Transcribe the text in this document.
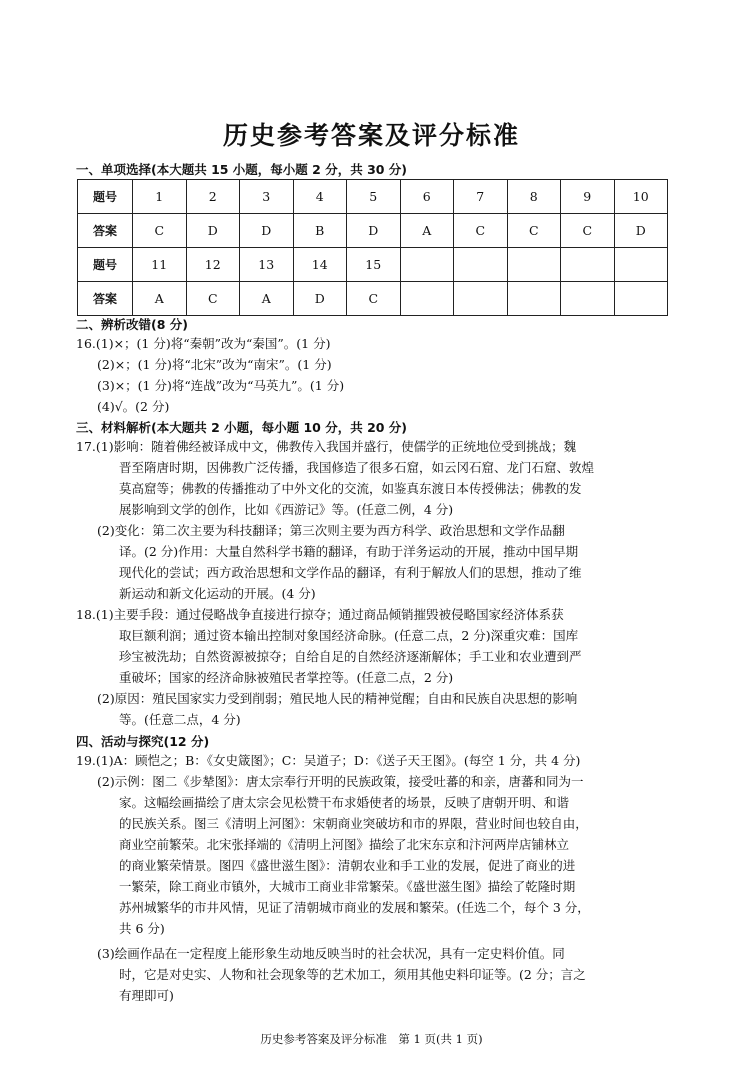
历史参考答案及评分标准
一、单项选择(本大题共 15 小题，每小题 2 分，共 30 分)
题号	1	2	3	4	5	6	7	8	9	10
答案	C	D	D	B	D	A	C	C	C	D
题号	11	12	13	14	15					
答案	A	C	A	D	C					
二、辨析改错(8 分)
16.(1)×；(1 分)将“秦朝”改为“秦国”。(1 分)
(2)×；(1 分)将“北宋”改为“南宋”。(1 分)
(3)×；(1 分)将“连战”改为“马英九”。(1 分)
(4)√。(2 分)
三、材料解析(本大题共 2 小题，每小题 10 分，共 20 分)
17.(1)影响：随着佛经被译成中文，佛教传入我国并盛行，使儒学的正统地位受到挑战；魏
晋至隋唐时期，因佛教广泛传播，我国修造了很多石窟，如云冈石窟、龙门石窟、敦煌
莫高窟等；佛教的传播推动了中外文化的交流，如鉴真东渡日本传授佛法；佛教的发
展影响到文学的创作，比如《西游记》等。(任意二例，4 分)
(2)变化：第二次主要为科技翻译；第三次则主要为西方科学、政治思想和文学作品翻
译。(2 分)作用：大量自然科学书籍的翻译，有助于洋务运动的开展，推动中国早期
现代化的尝试；西方政治思想和文学作品的翻译，有利于解放人们的思想，推动了维
新运动和新文化运动的开展。(4 分)
18.(1)主要手段：通过侵略战争直接进行掠夺；通过商品倾销摧毁被侵略国家经济体系获
取巨额利润；通过资本输出控制对象国经济命脉。(任意二点，2 分)深重灾难：国库
珍宝被洗劫；自然资源被掠夺；自给自足的自然经济逐渐解体；手工业和农业遭到严
重破坏；国家的经济命脉被殖民者掌控等。(任意二点，2 分)
(2)原因：殖民国家实力受到削弱；殖民地人民的精神觉醒；自由和民族自决思想的影响
等。(任意二点，4 分)
四、活动与探究(12 分)
19.(1)A：顾恺之；B：《女史箴图》；C：吴道子；D：《送子天王图》。(每空 1 分，共 4 分)
(2)示例：图二《步辇图》：唐太宗奉行开明的民族政策，接受吐蕃的和亲，唐蕃和同为一
家。这幅绘画描绘了唐太宗会见松赞干布求婚使者的场景，反映了唐朝开明、和谐
的民族关系。图三《清明上河图》：宋朝商业突破坊和市的界限，营业时间也较自由，
商业空前繁荣。北宋张择端的《清明上河图》描绘了北宋东京和汴河两岸店铺林立
的商业繁荣情景。图四《盛世滋生图》：清朝农业和手工业的发展，促进了商业的进
一繁荣，除工商业市镇外，大城市工商业非常繁荣。《盛世滋生图》描绘了乾隆时期
苏州城繁华的市井风情，见证了清朝城市商业的发展和繁荣。(任选二个，每个 3 分，
共 6 分)
(3)绘画作品在一定程度上能形象生动地反映当时的社会状况，具有一定史料价值。同
时，它是对史实、人物和社会现象等的艺术加工，须用其他史料印证等。(2 分；言之
有理即可)
历史参考答案及评分标准　第 1 页(共 1 页)
